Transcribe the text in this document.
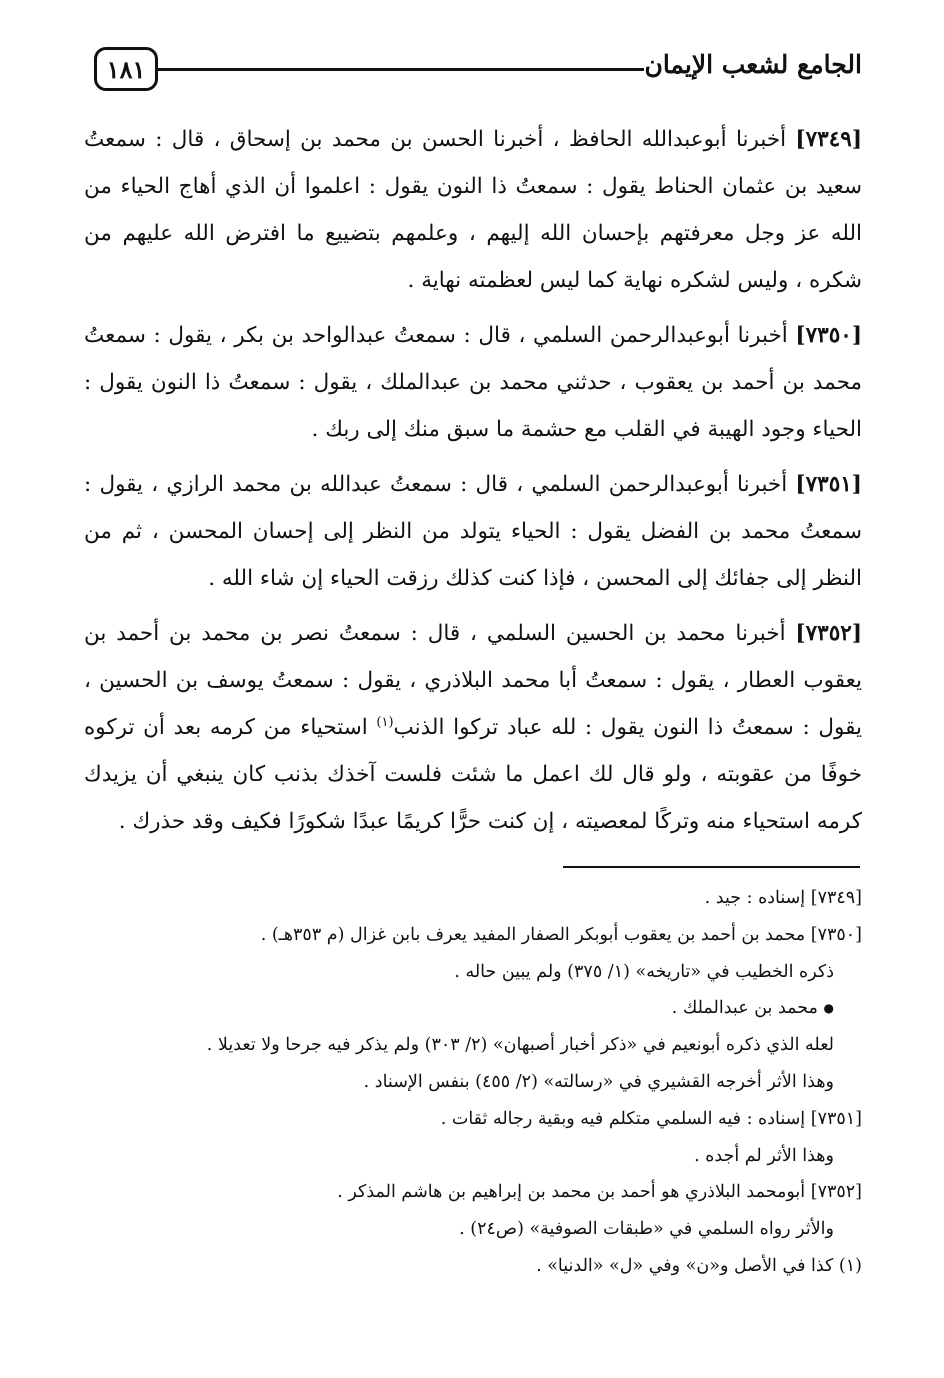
الجامع لشعب الإيمان
١٨١

[٧٣٤٩] أخبرنا أبوعبدالله الحافظ ، أخبرنا الحسن بن محمد بن إسحاق ، قال : سمعتُ سعيد بن عثمان الحناط يقول : سمعتُ ذا النون يقول : اعلموا أن الذي أهاج الحياء من الله عز وجل معرفتهم بإحسان الله إليهم ، وعلمهم بتضييع ما افترض الله عليهم من شكره ، وليس لشكره نهاية كما ليس لعظمته نهاية .

[٧٣٥٠] أخبرنا أبوعبدالرحمن السلمي ، قال : سمعتُ عبدالواحد بن بكر ، يقول : سمعتُ محمد بن أحمد بن يعقوب ، حدثني محمد بن عبدالملك ، يقول : سمعتُ ذا النون يقول : الحياء وجود الهيبة في القلب مع حشمة ما سبق منك إلى ربك .

[٧٣٥١] أخبرنا أبوعبدالرحمن السلمي ، قال : سمعتُ عبدالله بن محمد الرازي ، يقول : سمعتُ محمد بن الفضل يقول : الحياء يتولد من النظر إلى إحسان المحسن ، ثم من النظر إلى جفائك إلى المحسن ، فإذا كنت كذلك رزقت الحياء إن شاء الله .

[٧٣٥٢] أخبرنا محمد بن الحسين السلمي ، قال : سمعتُ نصر بن محمد بن أحمد بن يعقوب العطار ، يقول : سمعتُ أبا محمد البلاذري ، يقول : سمعتُ يوسف بن الحسين ، يقول : سمعتُ ذا النون يقول : لله عباد تركوا الذنب$^{(١)}$ استحياء من كرمه بعد أن تركوه خوفًا من عقوبته ، ولو قال لك اعمل ما شئت فلست آخذك بذنب كان ينبغي أن يزيدك كرمه استحياء منه وتركًا لمعصيته ، إن كنت حرًّا كريمًا عبدًا شكورًا فكيف وقد حذرك .

[٧٣٤٩] إسناده : جيد .
[٧٣٥٠] محمد بن أحمد بن يعقوب أبوبكر الصفار المفيد يعرف بابن غزال (م ٣٥٣هـ) .
ذكره الخطيب في «تاريخه» (١/ ٣٧٥) ولم يبين حاله .
● محمد بن عبدالملك .
لعله الذي ذكره أبونعيم في «ذكر أخبار أصبهان» (٢/ ٣٠٣) ولم يذكر فيه جرحا ولا تعديلا .
وهذا الأثر أخرجه القشيري في «رسالته» (٢/ ٤٥٥) بنفس الإسناد .
[٧٣٥١] إسناده : فيه السلمي متكلم فيه وبقية رجاله ثقات .
وهذا الأثر لم أجده .
[٧٣٥٢] أبومحمد البلاذري هو أحمد بن محمد بن إبراهيم بن هاشم المذكر .
والأثر رواه السلمي في «طبقات الصوفية» (ص٢٤) .
(١) كذا في الأصل و«ن» وفي «ل» «الدنيا» .
